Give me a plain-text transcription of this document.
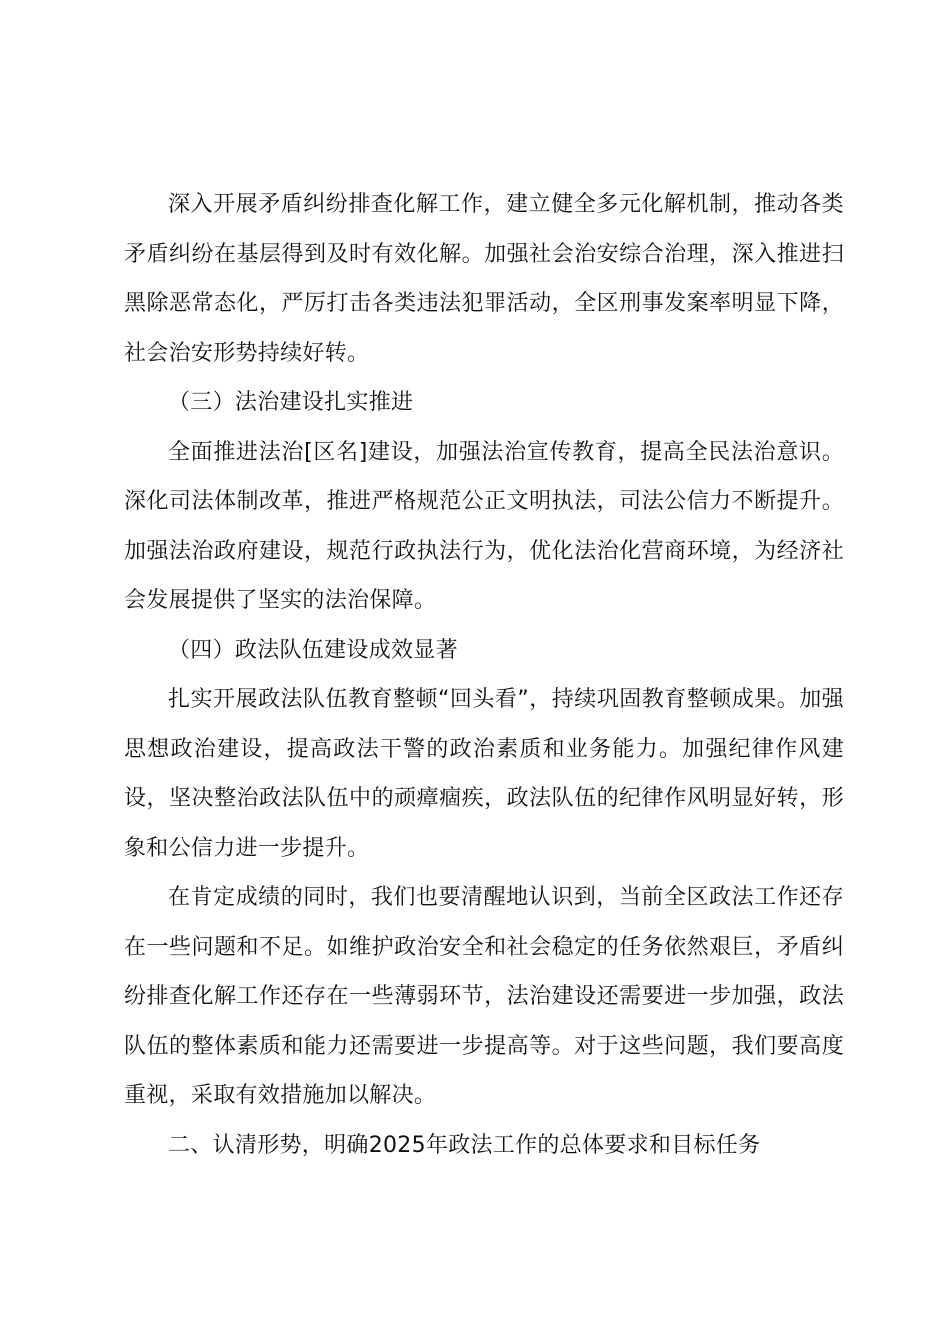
深入开展矛盾纠纷排查化解工作，建立健全多元化解机制，推动各类矛盾纠纷在基层得到及时有效化解。加强社会治安综合治理，深入推进扫黑除恶常态化，严厉打击各类违法犯罪活动，全区刑事发案率明显下降，社会治安形势持续好转。

（三）法治建设扎实推进

全面推进法治[区名]建设，加强法治宣传教育，提高全民法治意识。深化司法体制改革，推进严格规范公正文明执法，司法公信力不断提升。加强法治政府建设，规范行政执法行为，优化法治化营商环境，为经济社会发展提供了坚实的法治保障。

（四）政法队伍建设成效显著

扎实开展政法队伍教育整顿“回头看”，持续巩固教育整顿成果。加强思想政治建设，提高政法干警的政治素质和业务能力。加强纪律作风建设，坚决整治政法队伍中的顽瘴痼疾，政法队伍的纪律作风明显好转，形象和公信力进一步提升。

在肯定成绩的同时，我们也要清醒地认识到，当前全区政法工作还存在一些问题和不足。如维护政治安全和社会稳定的任务依然艰巨，矛盾纠纷排查化解工作还存在一些薄弱环节，法治建设还需要进一步加强，政法队伍的整体素质和能力还需要进一步提高等。对于这些问题，我们要高度重视，采取有效措施加以解决。

二、认清形势，明确2025年政法工作的总体要求和目标任务
